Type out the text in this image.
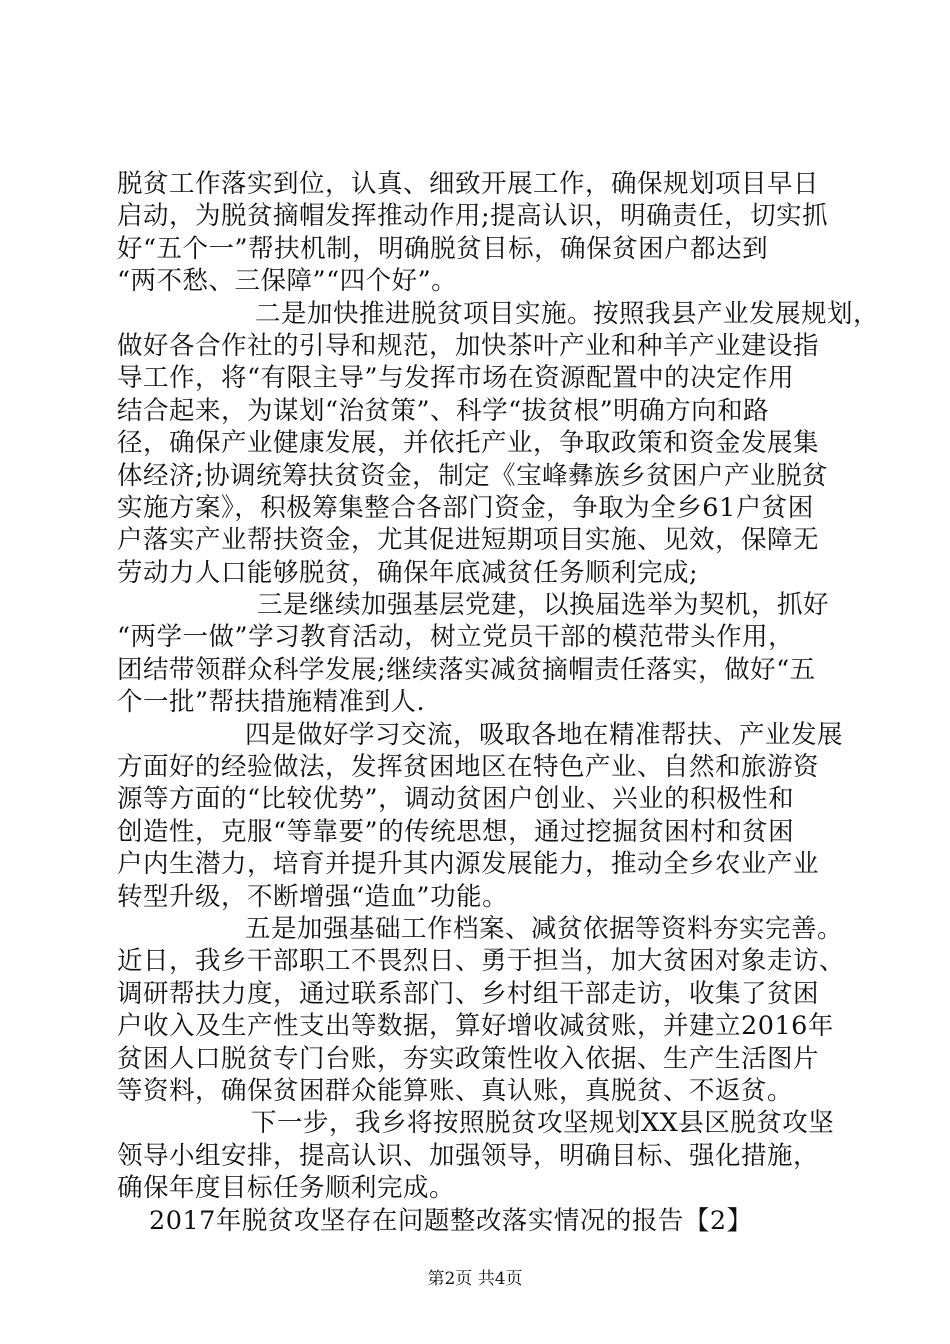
脱贫工作落实到位，认真、细致开展工作，确保规划项目早日
启动，为脱贫摘帽发挥推动作用;提高认识，明确责任，切实抓
好“五个一”帮扶机制，明确脱贫目标，确保贫困户都达到
“两不愁、三保障”“四个好”。
二是加快推进脱贫项目实施。按照我县产业发展规划，
做好各合作社的引导和规范，加快茶叶产业和种羊产业建设指
导工作，将“有限主导”与发挥市场在资源配置中的决定作用
结合起来，为谋划“治贫策”、科学“拔贫根”明确方向和路
径，确保产业健康发展，并依托产业，争取政策和资金发展集
体经济;协调统筹扶贫资金，制定《宝峰彝族乡贫困户产业脱贫
实施方案》，积极筹集整合各部门资金，争取为全乡61户贫困
户落实产业帮扶资金，尤其促进短期项目实施、见效，保障无
劳动力人口能够脱贫，确保年底减贫任务顺利完成;
三是继续加强基层党建，以换届选举为契机，抓好
“两学一做”学习教育活动，树立党员干部的模范带头作用，
团结带领群众科学发展;继续落实减贫摘帽责任落实，做好“五
个一批”帮扶措施精准到人.
四是做好学习交流，吸取各地在精准帮扶、产业发展
方面好的经验做法，发挥贫困地区在特色产业、自然和旅游资
源等方面的“比较优势”，调动贫困户创业、兴业的积极性和
创造性，克服“等靠要”的传统思想，通过挖掘贫困村和贫困
户内生潜力，培育并提升其内源发展能力，推动全乡农业产业
转型升级，不断增强“造血”功能。
五是加强基础工作档案、减贫依据等资料夯实完善。
近日，我乡干部职工不畏烈日、勇于担当，加大贫困对象走访、
调研帮扶力度，通过联系部门、乡村组干部走访，收集了贫困
户收入及生产性支出等数据，算好增收减贫账，并建立2016年
贫困人口脱贫专门台账，夯实政策性收入依据、生产生活图片
等资料，确保贫困群众能算账、真认账，真脱贫、不返贫。
下一步，我乡将按照脱贫攻坚规划XX县区脱贫攻坚
领导小组安排，提高认识、加强领导，明确目标、强化措施，
确保年度目标任务顺利完成。
2017年脱贫攻坚存在问题整改落实情况的报告【2】
第2页 共4页
